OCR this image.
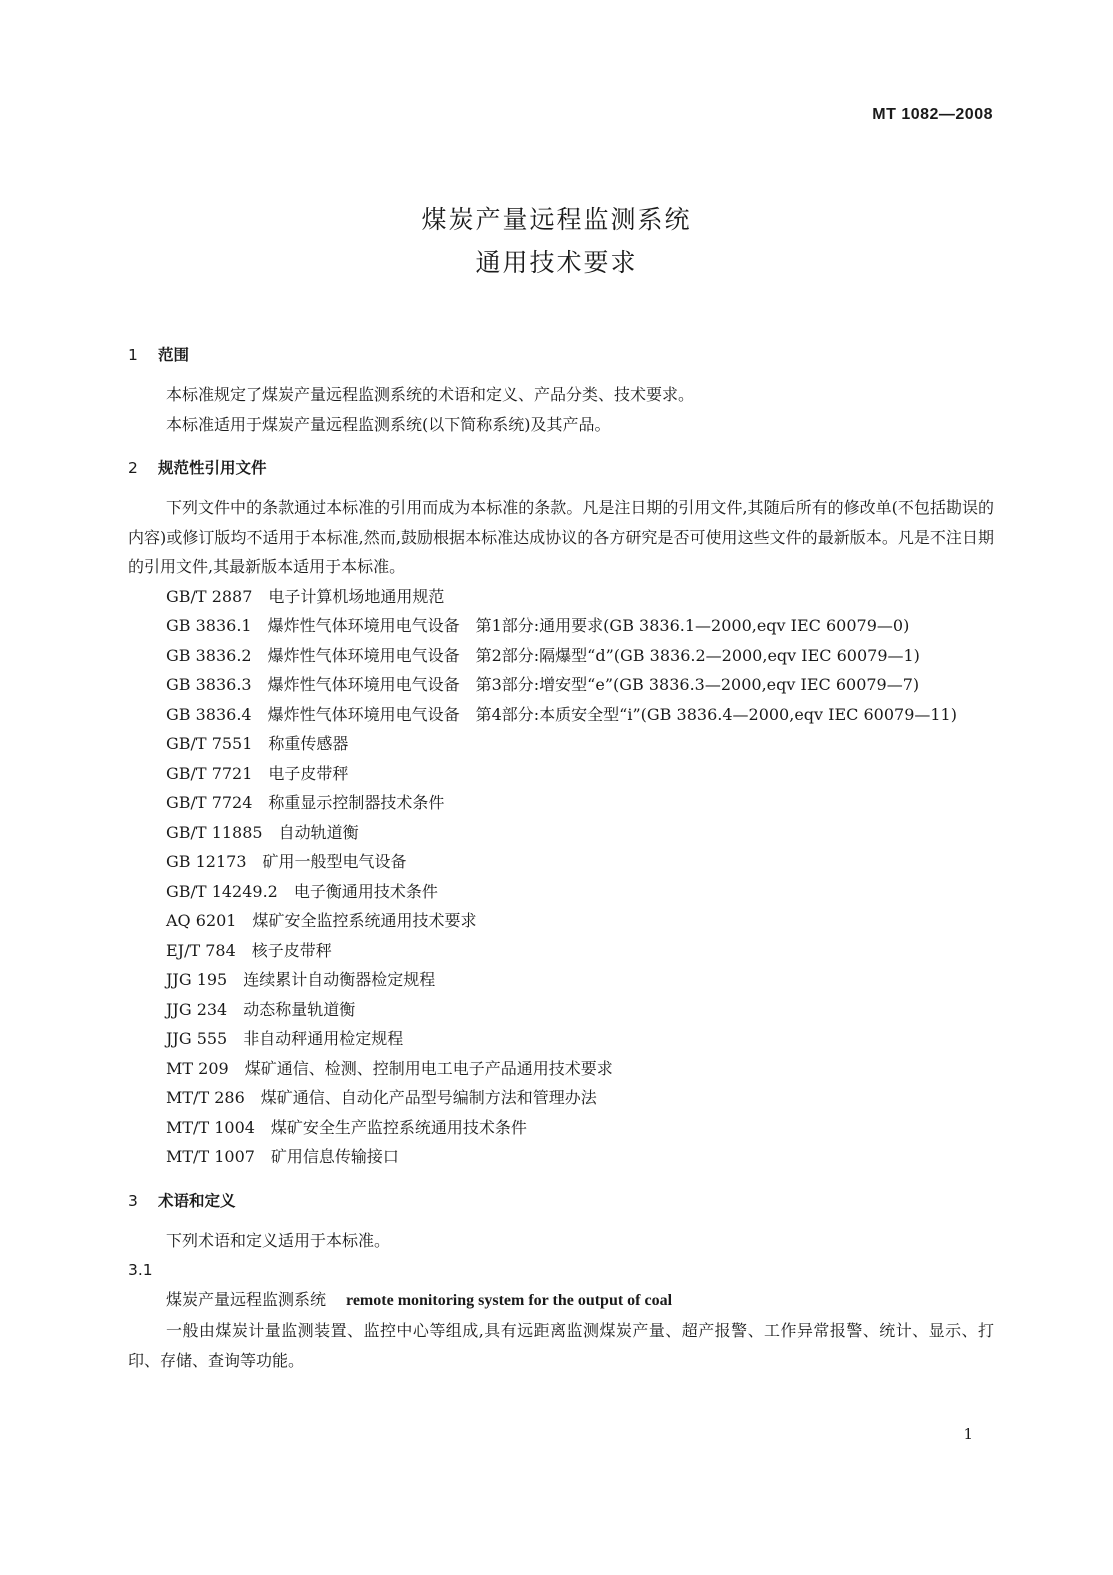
MT 1082—2008
煤炭产量远程监测系统
通用技术要求

1 范围

本标准规定了煤炭产量远程监测系统的术语和定义、产品分类、技术要求。

本标准适用于煤炭产量远程监测系统(以下简称系统)及其产品。

2 规范性引用文件

下列文件中的条款通过本标准的引用而成为本标准的条款。凡是注日期的引用文件,其随后所有的修改单(不包括勘误的内容)或修订版均不适用于本标准,然而,鼓励根据本标准达成协议的各方研究是否可使用这些文件的最新版本。凡是不注日期的引用文件,其最新版本适用于本标准。

GB/T 2887 电子计算机场地通用规范

GB 3836.1 爆炸性气体环境用电气设备　第1部分:通用要求(GB 3836.1—2000,eqv IEC 60079—0)

GB 3836.2 爆炸性气体环境用电气设备　第2部分:隔爆型“d”(GB 3836.2—2000,eqv IEC 60079—1)

GB 3836.3 爆炸性气体环境用电气设备　第3部分:增安型“e”(GB 3836.3—2000,eqv IEC 60079—7)

GB 3836.4 爆炸性气体环境用电气设备　第4部分:本质安全型“i”(GB 3836.4—2000,eqv IEC 60079—11)

GB/T 7551 称重传感器

GB/T 7721 电子皮带秤

GB/T 7724 称重显示控制器技术条件

GB/T 11885 自动轨道衡

GB 12173 矿用一般型电气设备

GB/T 14249.2 电子衡通用技术条件

AQ 6201 煤矿安全监控系统通用技术要求

EJ/T 784 核子皮带秤

JJG 195 连续累计自动衡器检定规程

JJG 234 动态称量轨道衡

JJG 555 非自动秤通用检定规程

MT 209 煤矿通信、检测、控制用电工电子产品通用技术要求

MT/T 286 煤矿通信、自动化产品型号编制方法和管理办法

MT/T 1004 煤矿安全生产监控系统通用技术条件

MT/T 1007 矿用信息传输接口

3 术语和定义

下列术语和定义适用于本标准。

3.1

煤炭产量远程监测系统 remote monitoring system for the output of coal

一般由煤炭计量监测装置、监控中心等组成,具有远距离监测煤炭产量、超产报警、工作异常报警、统计、显示、打印、存储、查询等功能。

1
